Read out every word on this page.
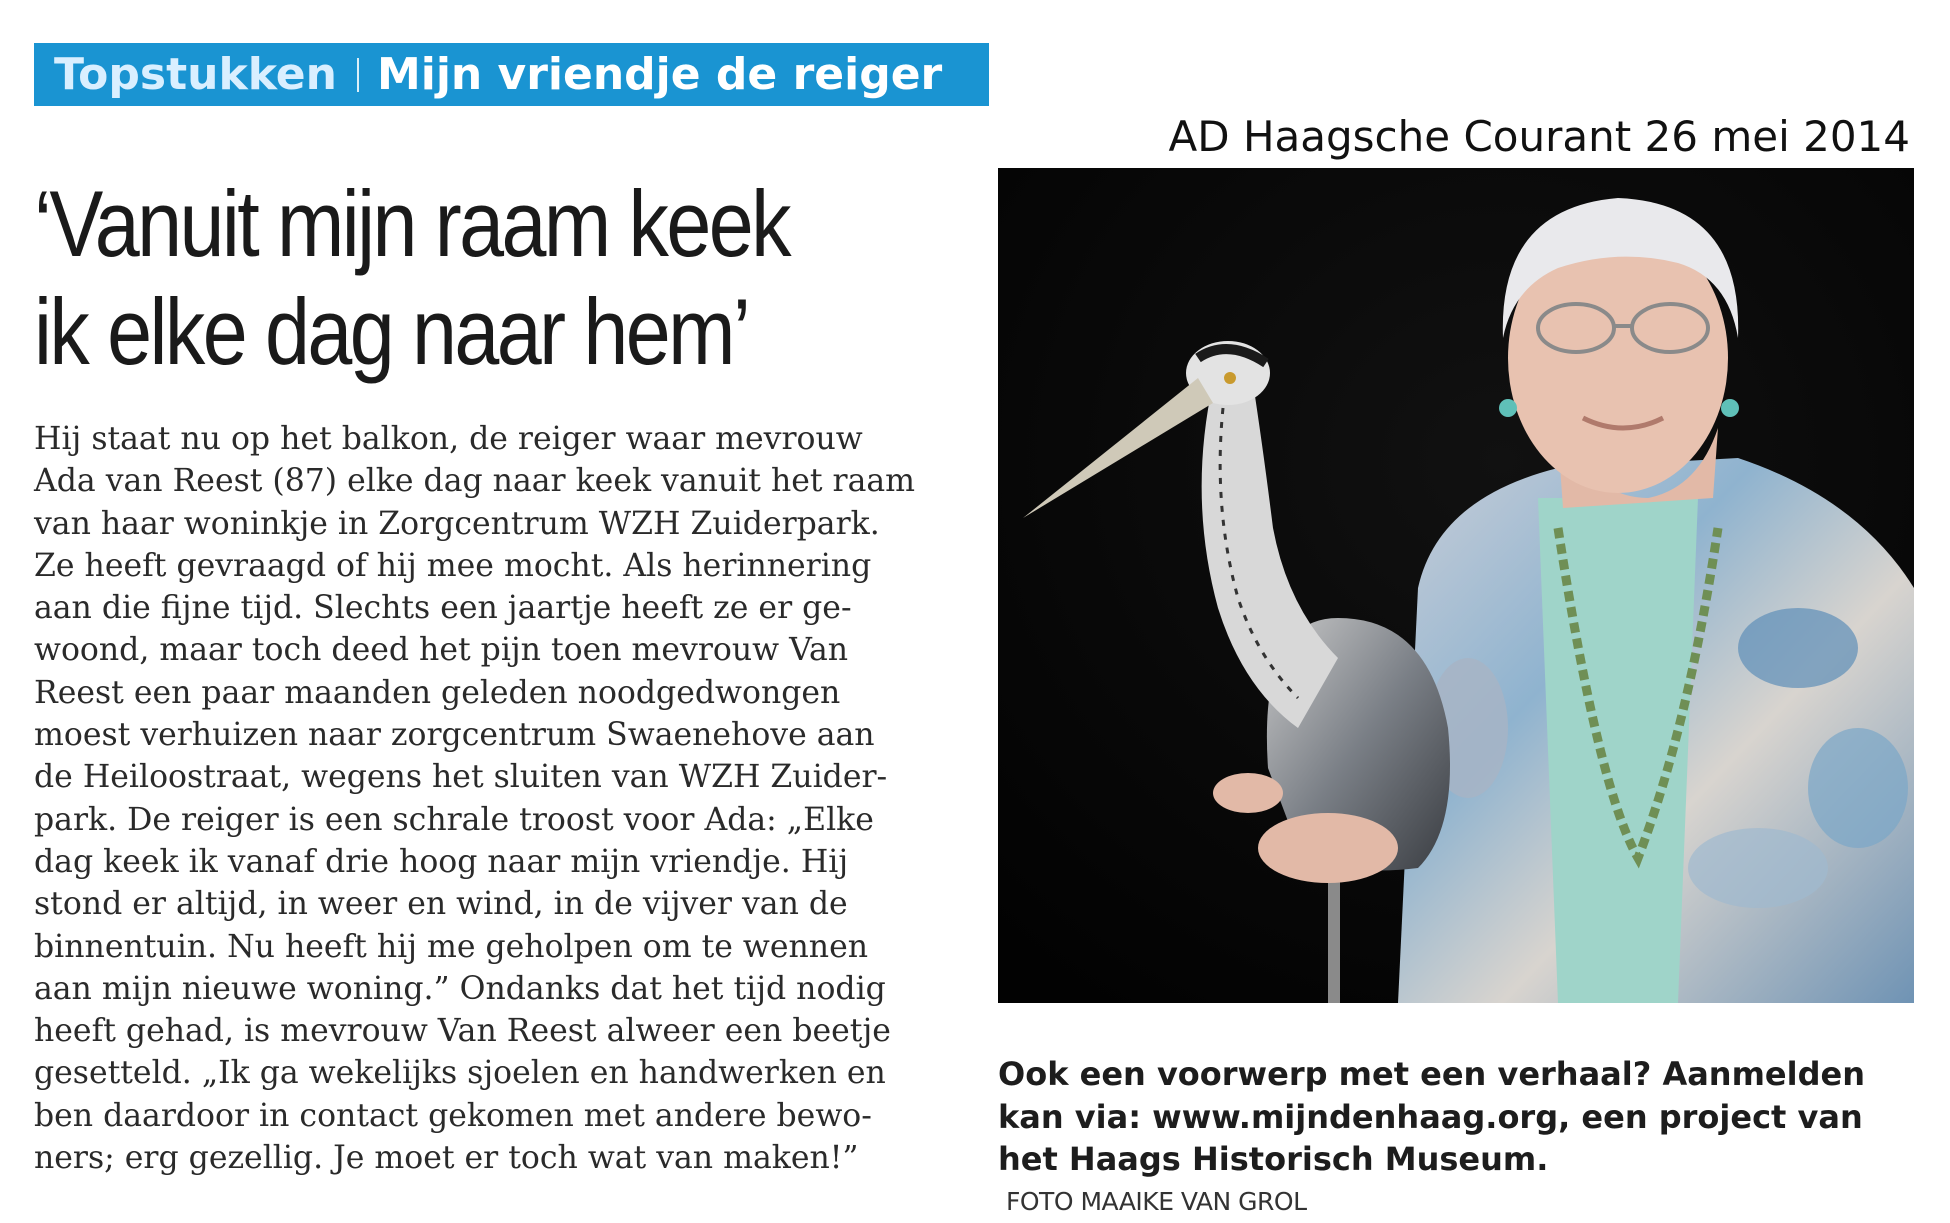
Topstukken Mijn vriendje de reiger
AD Haagsche Courant 26 mei 2014
‘Vanuit mijn raam keek
ik elke dag naar hem’
Hij staat nu op het balkon, de reiger waar mevrouw
Ada van Reest (87) elke dag naar keek vanuit het raam
van haar woninkje in Zorgcentrum WZH Zuiderpark.
Ze heeft gevraagd of hij mee mocht. Als herinnering
aan die fijne tijd. Slechts een jaartje heeft ze er ge-
woond, maar toch deed het pijn toen mevrouw Van
Reest een paar maanden geleden noodgedwongen
moest verhuizen naar zorgcentrum Swaenehove aan
de Heiloostraat, wegens het sluiten van WZH Zuider-
park. De reiger is een schrale troost voor Ada: „Elke
dag keek ik vanaf drie hoog naar mijn vriendje. Hij
stond er altijd, in weer en wind, in de vijver van de
binnentuin. Nu heeft hij me geholpen om te wennen
aan mijn nieuwe woning.” Ondanks dat het tijd nodig
heeft gehad, is mevrouw Van Reest alweer een beetje
gesetteld. „Ik ga wekelijks sjoelen en handwerken en
ben daardoor in contact gekomen met andere bewo-
ners; erg gezellig. Je moet er toch wat van maken!”
Ook een voorwerp met een verhaal? Aanmelden
kan via: www.mijndenhaag.org, een project van
het Haags Historisch Museum.
FOTO MAAIKE VAN GROL
